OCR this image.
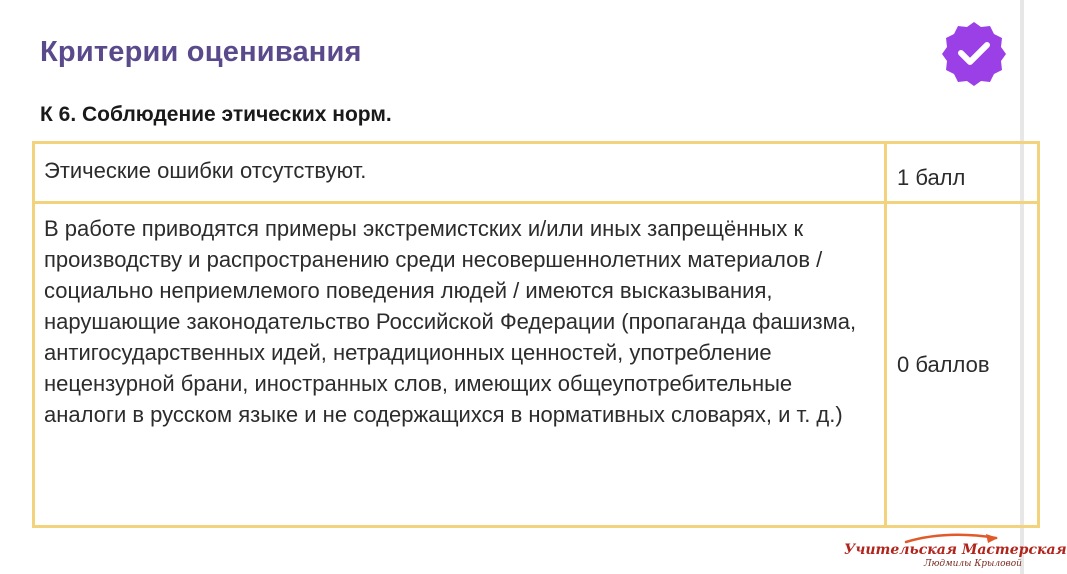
Критерии оценивания
К 6. Соблюдение этических норм.
Этические ошибки отсутствуют.	1 балл
В работе приводятся примеры экстремистских и/или иных запрещённых к производству и распространению среди несовершеннолетних материалов / социально неприемлемого поведения людей / имеются высказывания, нарушающие законодательство Российской Федерации (пропаганда фашизма, антигосударственных идей, нетрадиционных ценностей, употребление нецензурной брани, иностранных слов, имеющих общеупотребительные аналоги в русском языке и не содержащихся в нормативных словарях, и т. д.)	0 баллов
Учительская Мастерская
Людмилы Крыловой
